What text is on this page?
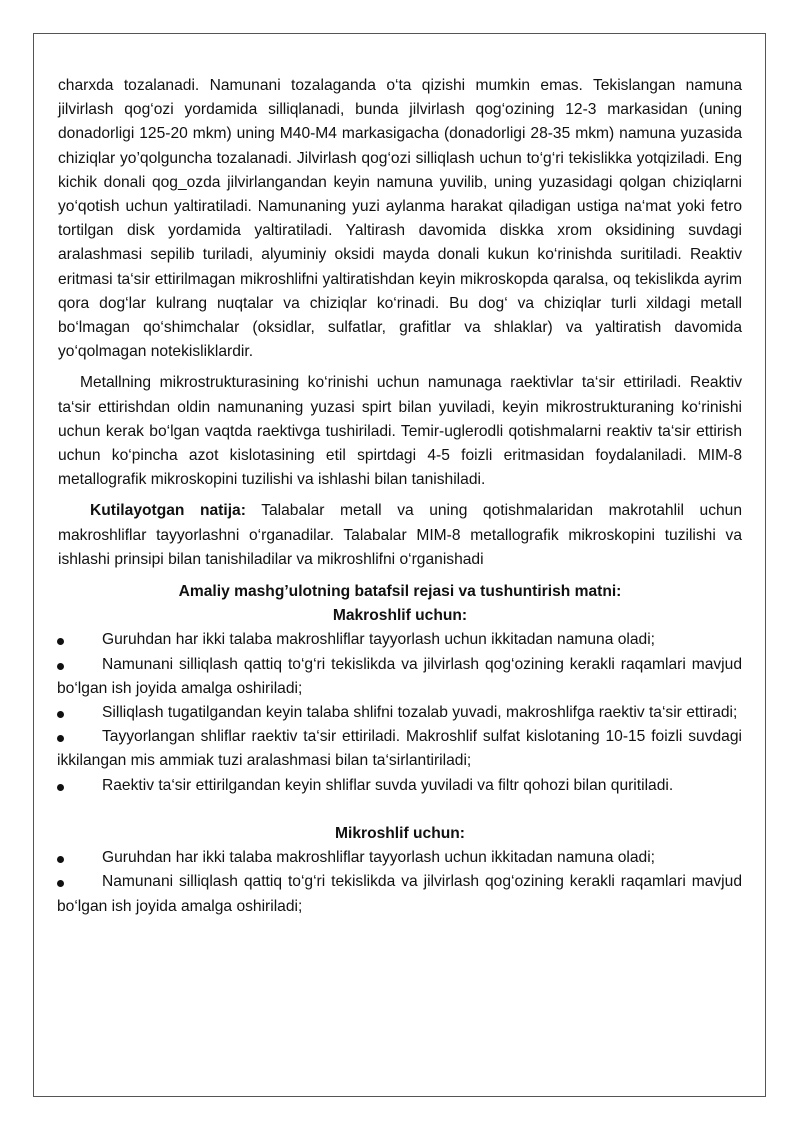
charxda tozalanadi. Namunani tozalaganda o‘ta qizishi mumkin emas. Tekislangan namuna jilvirlash qog‘ozi yordamida silliqlanadi, bunda jilvirlash qog‘ozining 12-3 markasidan (uning donadorligi 125-20 mkm) uning M40-M4 markasigacha (donadorligi 28-35 mkm) namuna yuzasida chiziqlar yo’qolguncha tozalanadi. Jilvirlash qog‘ozi silliqlash uchun to‘g‘ri tekislikka yotqiziladi. Eng kichik donali qog_ozda jilvirlangandan keyin namuna yuvilib, uning yuzasidagi qolgan chiziqlarni yo‘qotish uchun yaltiratiladi. Namunaning yuzi aylanma harakat qiladigan ustiga na‘mat yoki fetro tortilgan disk yordamida yaltiratiladi. Yaltirash davomida diskka xrom oksidining suvdagi aralashmasi sepilib turiladi, alyuminiy oksidi mayda donali kukun ko‘rinishda suritiladi. Reaktiv eritmasi ta‘sir ettirilmagan mikroshlifni yaltiratishdan keyin mikroskopda qaralsa, oq tekislikda ayrim qora dog‘lar kulrang nuqtalar va chiziqlar ko‘rinadi. Bu dog‘ va chiziqlar turli xildagi metall bo‘lmagan qo‘shimchalar (oksidlar, sulfatlar, grafitlar va shlaklar) va yaltiratish davomida yo‘qolmagan notekisliklardir.

Metallning mikrostrukturasining ko‘rinishi uchun namunaga raektivlar ta‘sir ettiriladi. Reaktiv ta‘sir ettirishdan oldin namunaning yuzasi spirt bilan yuviladi, keyin mikrostrukturaning ko‘rinishi uchun kerak bo‘lgan vaqtda raektivga tushiriladi. Temir-uglerodli qotishmalarni reaktiv ta‘sir ettirish uchun ko‘pincha azot kislotasining etil spirtdagi 4-5 foizli eritmasidan foydalaniladi. MIM-8 metallografik mikroskopini tuzilishi va ishlashi bilan tanishiladi.

Kutilayotgan natija: Talabalar metall va uning qotishmalaridan makrotahlil uchun makroshliflar tayyorlashni o‘rganadilar. Talabalar MIM-8 metallografik mikroskopini tuzilishi va ishlashi prinsipi bilan tanishiladilar va mikroshlifni o‘rganishadi

Amaliy mashg’ulotning batafsil rejasi va tushuntirish matni:
Makroshlif uchun:
Guruhdan har ikki talaba makroshliflar tayyorlash uchun ikkitadan namuna oladi;
Namunani silliqlash qattiq to‘g‘ri tekislikda va jilvirlash qog‘ozining kerakli raqamlari mavjud bo‘lgan ish joyida amalga oshiriladi;
Silliqlash tugatilgandan keyin talaba shlifni tozalab yuvadi, makroshlifga raektiv ta‘sir ettiradi;
Tayyorlangan shliflar raektiv ta‘sir ettiriladi. Makroshlif sulfat kislotaning 10-15 foizli suvdagi ikkilangan mis ammiak tuzi aralashmasi bilan ta‘sirlantiriladi;
Raektiv ta‘sir ettirilgandan keyin shliflar suvda yuviladi va filtr qohozi bilan quritiladi.
Mikroshlif uchun:
Guruhdan har ikki talaba makroshliflar tayyorlash uchun ikkitadan namuna oladi;
Namunani silliqlash qattiq to‘g‘ri tekislikda va jilvirlash qog‘ozining kerakli raqamlari mavjud bo‘lgan ish joyida amalga oshiriladi;
